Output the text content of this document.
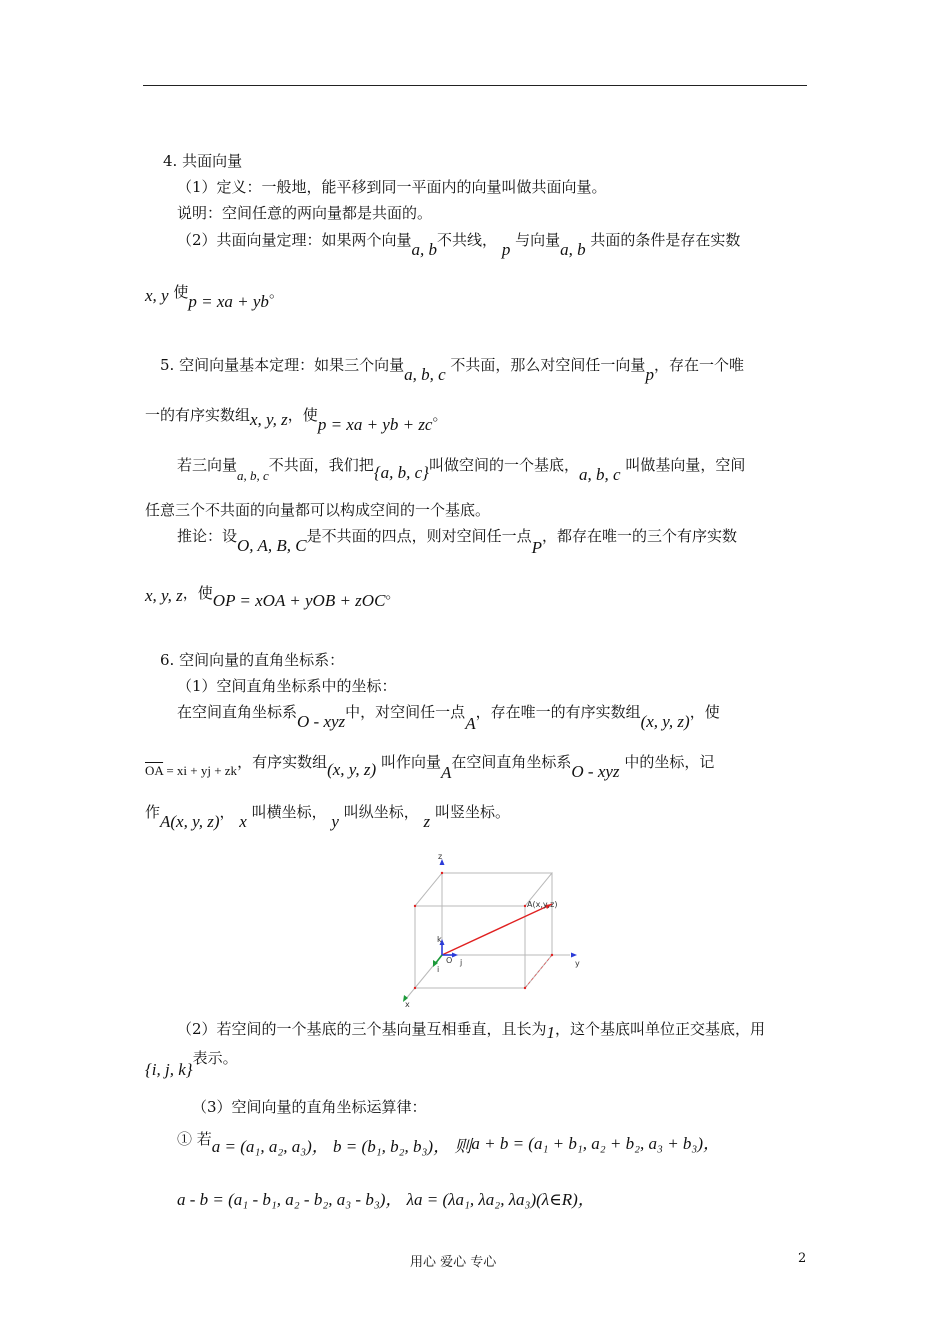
4. 共面向量
（1）定义：一般地，能平移到同一平面内的向量叫做共面向量。
说明：空间任意的两向量都是共面的。
（2）共面向量定理：如果两个向量a, b不共线， p 与向量a, b 共面的条件是存在实数
x, y 使p = xa + yb。
5. 空间向量基本定理：如果三个向量a, b, c 不共面，那么对空间任一向量p，存在一个唯
一的有序实数组x, y, z，使p = xa + yb + zc。
若三向量a, b, c不共面，我们把{a, b, c}叫做空间的一个基底，a, b, c 叫做基向量，空间
任意三个不共面的向量都可以构成空间的一个基底。
推论：设O, A, B, C是不共面的四点，则对空间任一点P，都存在唯一的三个有序实数
x, y, z，使OP = xOA + yOB + zOC。
6. 空间向量的直角坐标系：
（1）空间直角坐标系中的坐标：
在空间直角坐标系O - xyz中，对空间任一点A，存在唯一的有序实数组(x, y, z)，使
$\overline{OA}$ = xi + yj + zk，有序实数组(x, y, z) 叫作向量A在空间直角坐标系O - xyz 中的坐标，记
作A(x, y, z)， x 叫横坐标， y 叫纵坐标， z 叫竖坐标。
z
y
x
k
i
j
O
A(x,y,z)
（2）若空间的一个基底的三个基向量互相垂直，且长为1，这个基底叫单位正交基底，用
{i, j, k}表示。
（3）空间向量的直角坐标运算律：
① 若a = (a₁, a₂, a₃)， b = (b₁, b₂, b₃)， 则a + b = (a₁ + b₁, a₂ + b₂, a₃ + b₃)，
a - b = (a₁ - b₁, a₂ - b₂, a₃ - b₃)， λa = (λa₁, λa₂, λa₃)(λ∈R)，
用心 爱心 专心	2
